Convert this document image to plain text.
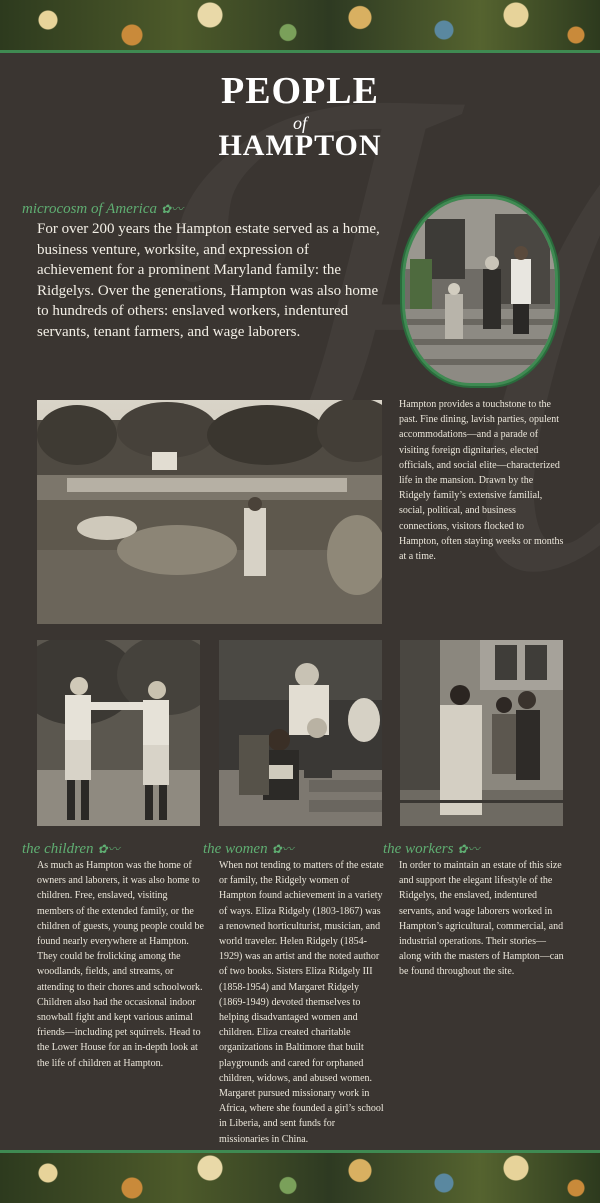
PEOPLE
of
HAMPTON
microcosm of America ✿〰
For over 200 years the Hampton estate served as a home, business venture, worksite, and expression of achievement for a prominent Maryland family: the Ridgelys. Over the generations, Hampton was also home to hundreds of others: enslaved workers, indentured servants, tenant farmers, and wage laborers.
Hampton provides a touchstone to the past. Fine dining, lavish parties, opulent accommodations—and a parade of visiting foreign dignitaries, elected officials, and social elite—characterized life in the mansion. Drawn by the Ridgely family’s extensive familial, social, political, and business connections, visitors flocked to Hampton, often staying weeks or months at a time.
the children ✿〰	the women ✿〰	the workers ✿〰
As much as Hampton was the home of owners and laborers, it was also home to children. Free, enslaved, visiting members of the extended family, or the children of guests, young people could be found nearly everywhere at Hampton. They could be frolicking among the woodlands, fields, and streams, or attending to their chores and schoolwork. Children also had the occasional indoor snowball fight and kept various animal friends—including pet squirrels. Head to the Lower House for an in-depth look at the life of children at Hampton.
When not tending to matters of the estate or family, the Ridgely women of Hampton found achievement in a variety of ways. Eliza Ridgely (1803-1867) was a renowned horticulturist, musician, and world traveler. Helen Ridgely (1854-1929) was an artist and the noted author of two books. Sisters Eliza Ridgely III (1858-1954) and Margaret Ridgely (1869-1949) devoted themselves to helping disadvantaged women and children. Eliza created charitable organizations in Baltimore that built playgrounds and cared for orphaned children, widows, and abused women. Margaret pursued missionary work in Africa, where she founded a girl’s school in Liberia, and sent funds for missionaries in China.
In order to maintain an estate of this size and support the elegant lifestyle of the Ridgelys, the enslaved, indentured servants, and wage laborers worked in Hampton’s agricultural, commercial, and industrial operations. Their stories—along with the masters of Hampton—can be found throughout the site.
